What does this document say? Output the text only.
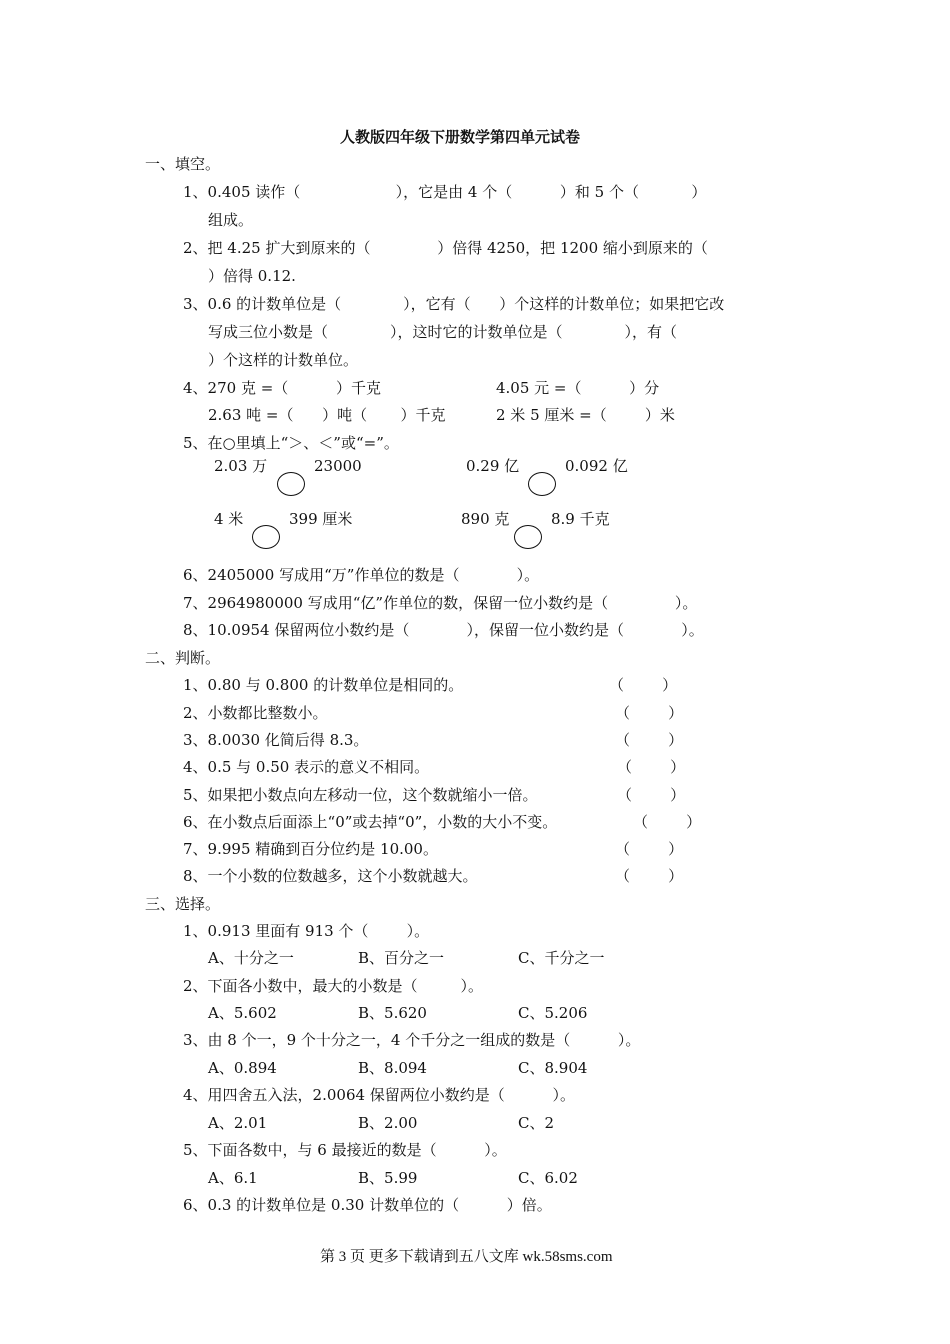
人教版四年级下册数学第四单元试卷
一、填空。
1、0.405 读作（                    ），它是由 4 个（          ）和 5 个（           ）
组成。
2、把 4.25 扩大到原来的（              ）倍得 4250，把 1200 缩小到原来的（
）倍得 0.12.
3、0.6 的计数单位是（             ），它有（      ）个这样的计数单位；如果把它改
写成三位小数是（             ），这时它的计数单位是（             ），有（
）个这样的计数单位。
4、270 克 =（          ）千克	4.05 元 =（          ）分
2.63 吨 =（      ）吨（       ）千克	2 米 5 厘米 =（        ）米
5、在○里填上“＞、＜”或“=”。
2.03 万	23000	0.29 亿	0.092 亿
4 米	399 厘米	890 克	8.9 千克
6、2405000 写成用“万”作单位的数是（            ）。
7、2964980000 写成用“亿”作单位的数，保留一位小数约是（              ）。
8、10.0954 保留两位小数约是（            ），保留一位小数约是（            ）。
二、判断。
1、0.80 与 0.800 的计数单位是相同的。	（        ）
2、小数都比整数小。	（        ）
3、8.0030 化简后得 8.3。	（        ）
4、0.5 与 0.50 表示的意义不相同。	（        ）
5、如果把小数点向左移动一位，这个数就缩小一倍。	（        ）
6、在小数点后面添上“0”或去掉“0”，小数的大小不变。	（        ）
7、9.995 精确到百分位约是 10.00。	（        ）
8、一个小数的位数越多，这个小数就越大。	（        ）
三、选择。
1、0.913 里面有 913 个（        ）。
A、十分之一	B、百分之一	C、千分之一
2、下面各小数中，最大的小数是（         ）。
A、5.602	B、5.620	C、5.206
3、由 8 个一，9 个十分之一，4 个千分之一组成的数是（          ）。
A、0.894	B、8.094	C、8.904
4、用四舍五入法，2.0064 保留两位小数约是（          ）。
A、2.01	B、2.00	C、2
5、下面各数中，与 6 最接近的数是（          ）。
A、6.1	B、5.99	C、6.02
6、0.3 的计数单位是 0.30 计数单位的（          ）倍。
第 3 页 更多下载请到五八文库 wk.58sms.com
